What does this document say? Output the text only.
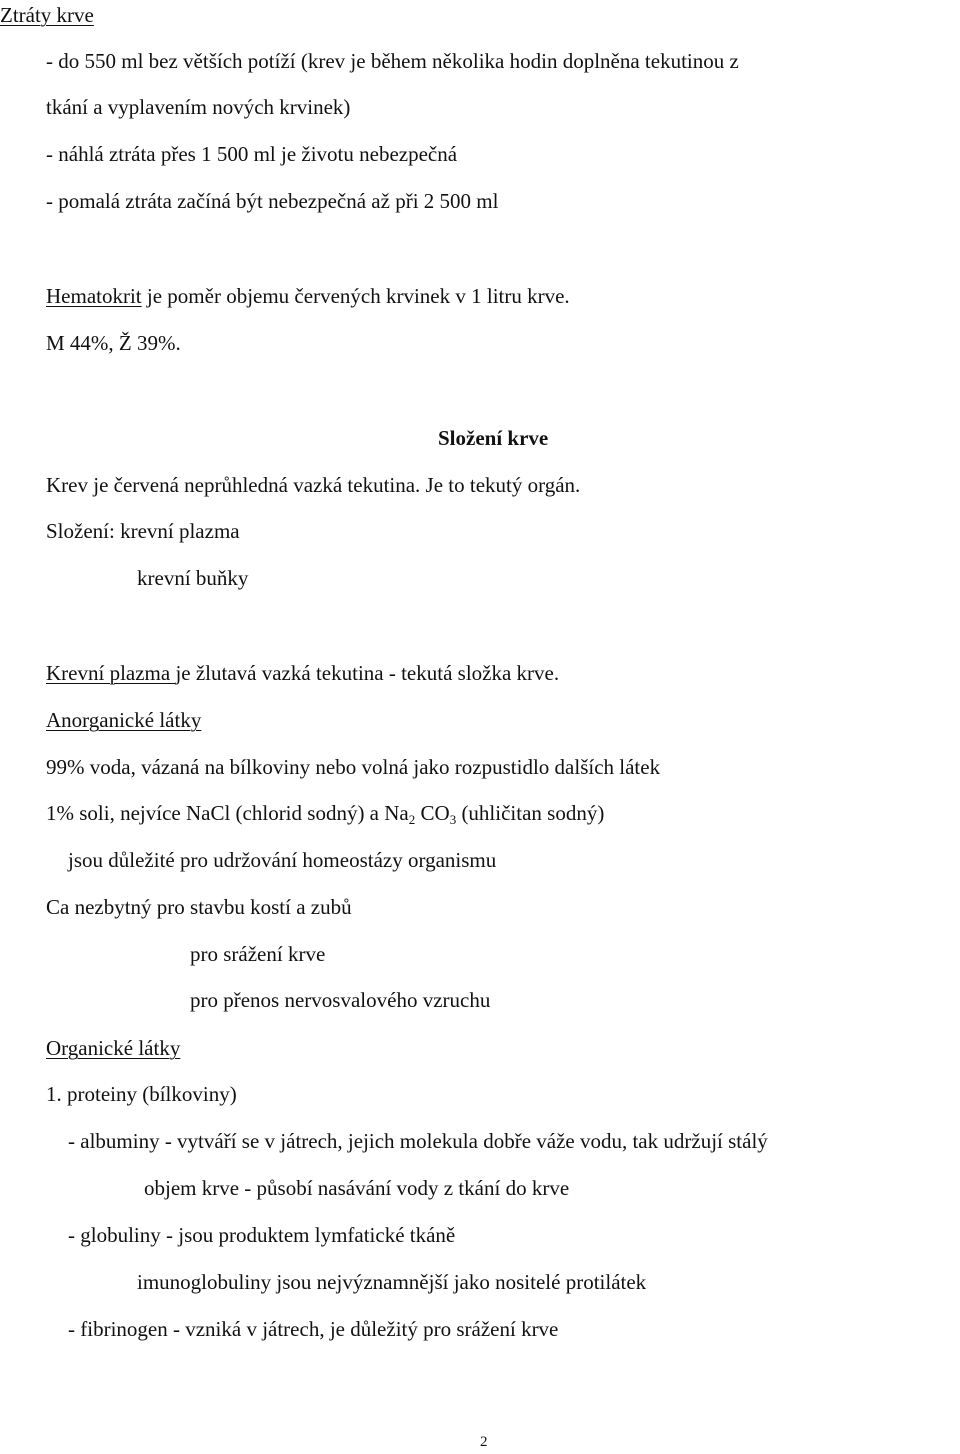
Ztráty krve
- do 550 ml bez větších potíží (krev je během několika hodin doplněna tekutinou z
tkání a vyplavením nových krvinek)
- náhlá ztráta přes 1 500 ml je životu nebezpečná
- pomalá ztráta začíná být nebezpečná až při 2 500 ml
Hematokrit je poměr objemu červených krvinek v 1 litru krve.
M 44%, Ž 39%.
Složení krve
Krev je červená neprůhledná vazká tekutina. Je to tekutý orgán.
Složení: krevní plazma
krevní buňky
Krevní plazma je žlutavá vazká tekutina - tekutá složka krve.
Anorganické látky
99% voda, vázaná na bílkoviny nebo volná jako rozpustidlo dalších látek
1% soli, nejvíce NaCl (chlorid sodný) a $Na_2$ $CO_3$ (uhličitan sodný)
jsou důležité pro udržování homeostázy organismu
Ca nezbytný pro stavbu kostí a zubů
pro srážení krve
pro přenos nervosvalového vzruchu
Organické látky
1. proteiny (bílkoviny)
- albuminy - vytváří se v játrech, jejich molekula dobře váže vodu, tak udržují stálý
objem krve - působí nasávání vody z tkání do krve
- globuliny - jsou produktem lymfatické tkáně
imunoglobuliny jsou nejvýznamnější jako nositelé protilátek
- fibrinogen - vzniká v játrech, je důležitý pro srážení krve
2
